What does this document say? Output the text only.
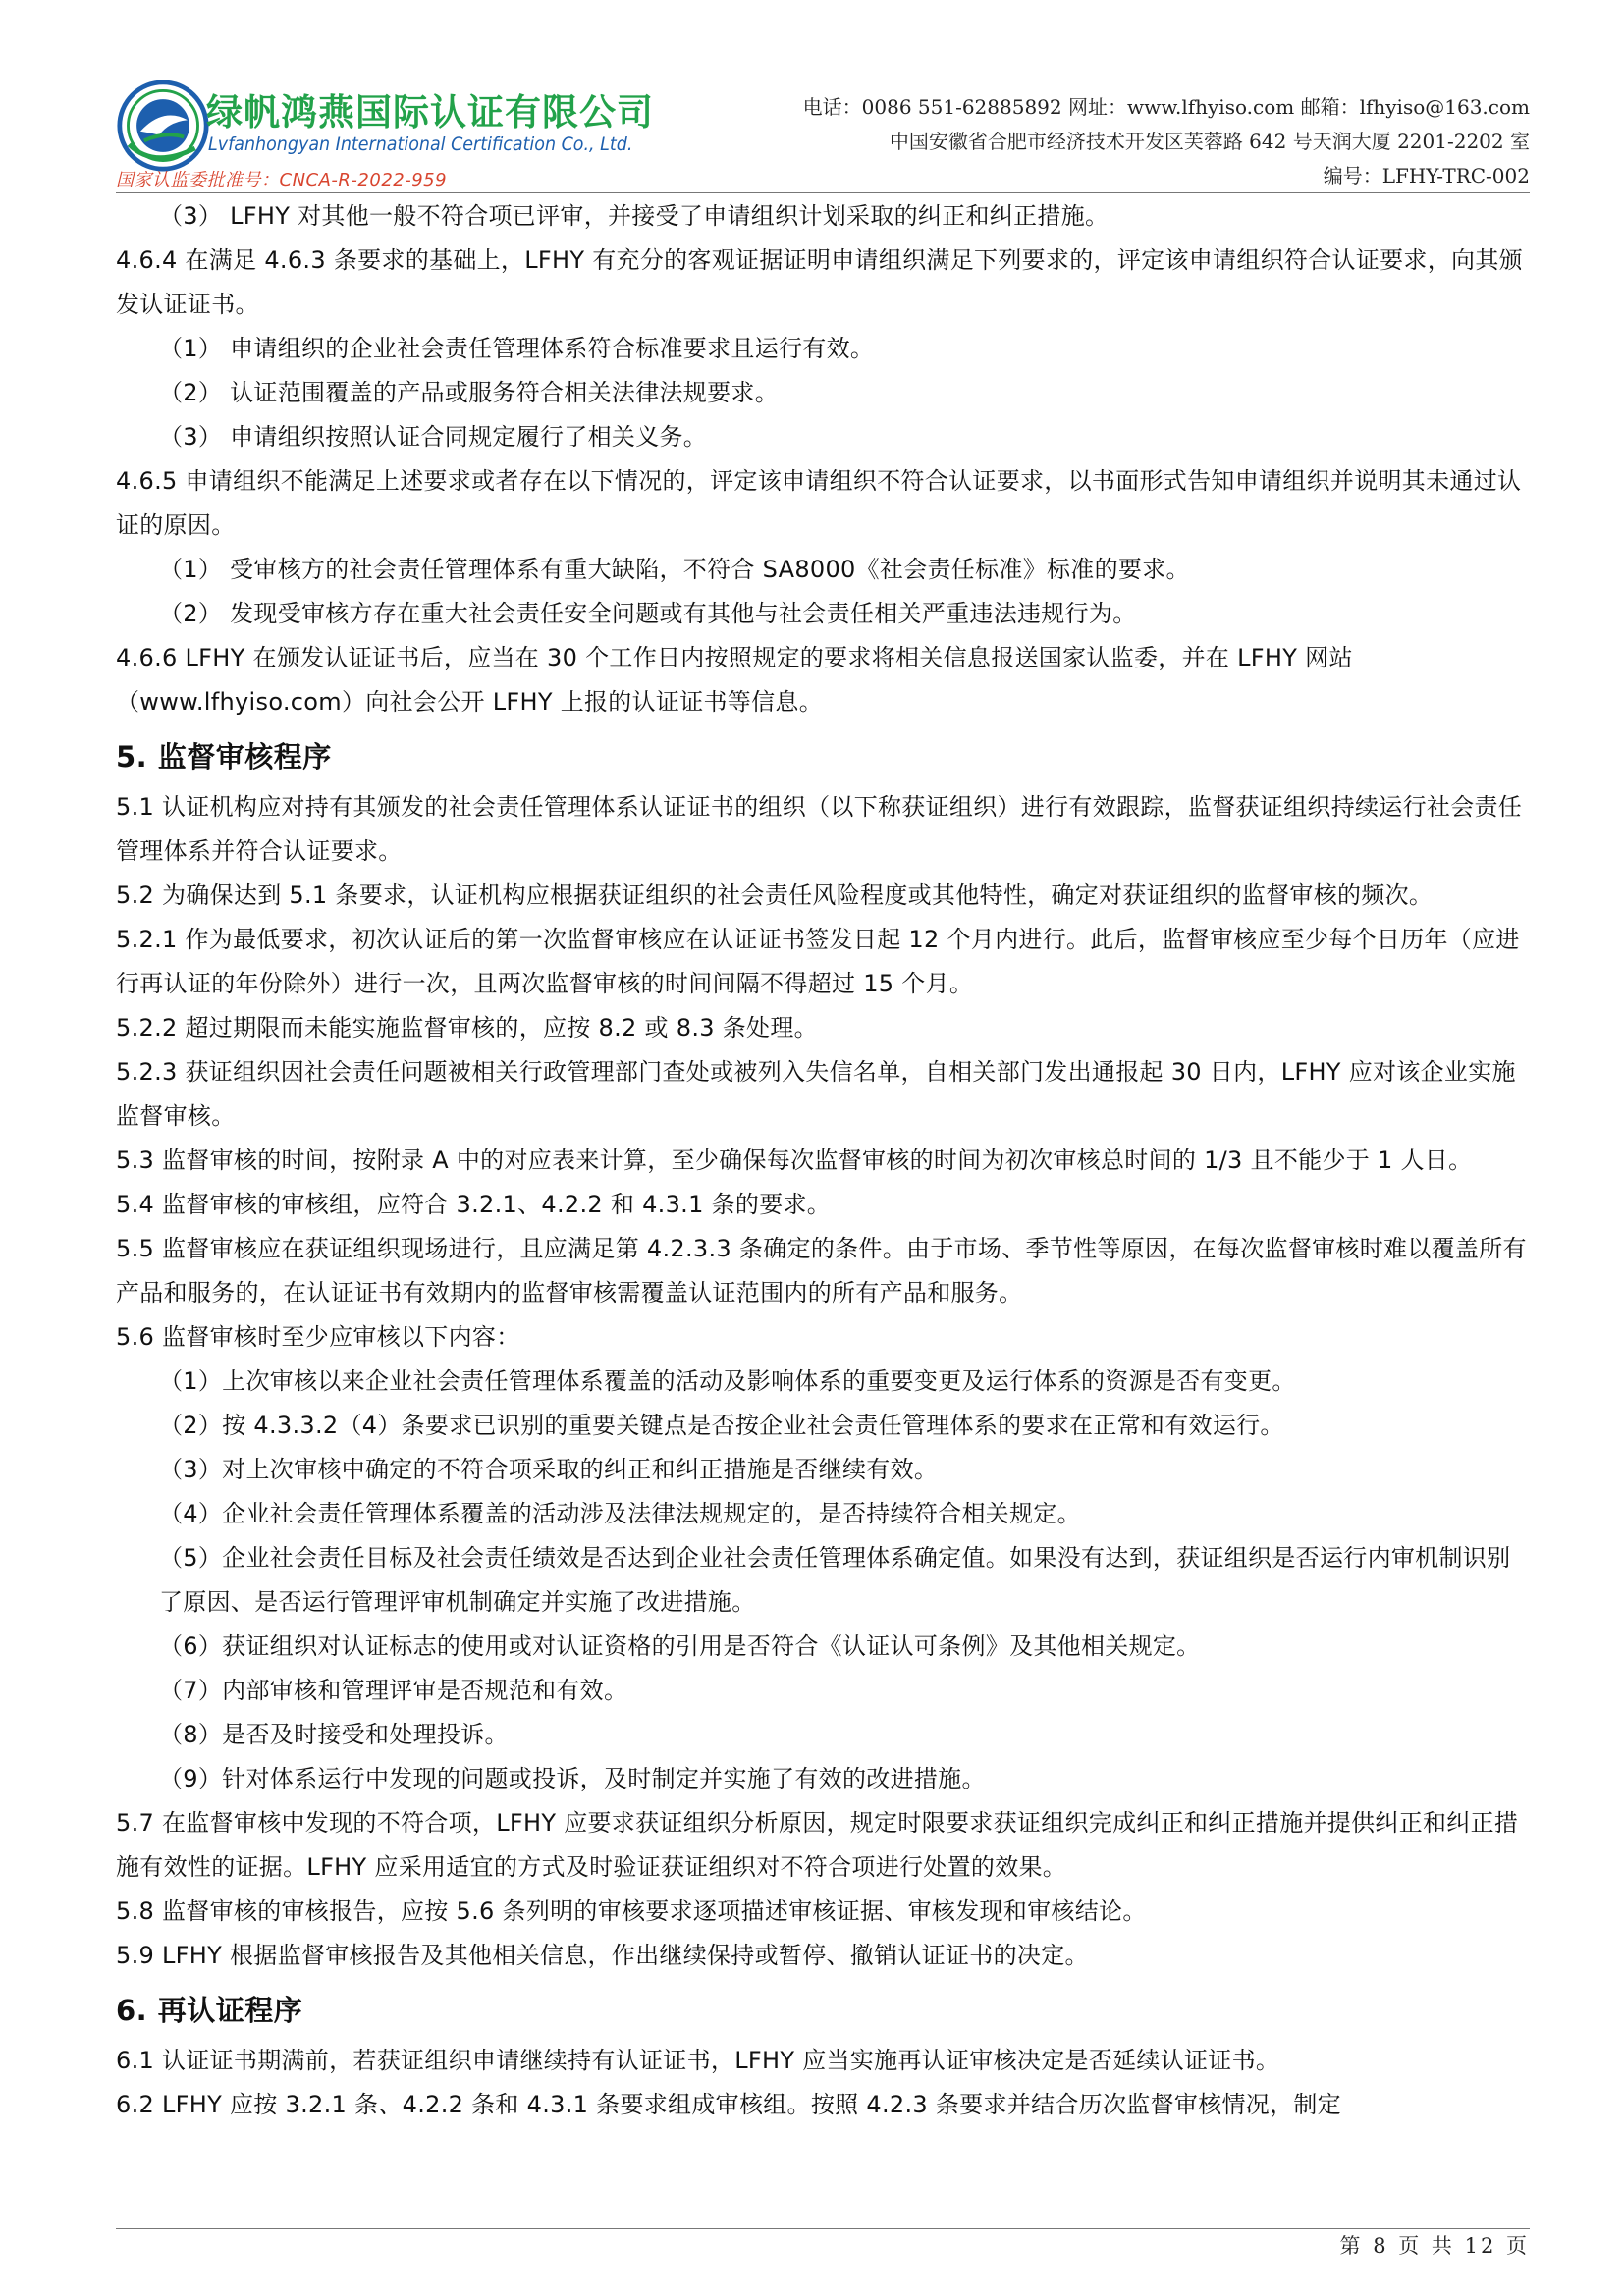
绿帆鸿燕国际认证有限公司
Lvfanhongyan International Certification Co., Ltd.
国家认监委批准号：CNCA-R-2022-959
电话：0086 551-62885892 网址：www.lfhyiso.com 邮箱：lfhyiso@163.com
中国安徽省合肥市经济技术开发区芙蓉路 642 号天润大厦 2201-2202 室
编号：LFHY-TRC-002

（3） LFHY 对其他一般不符合项已评审，并接受了申请组织计划采取的纠正和纠正措施。

4.6.4 在满足 4.6.3 条要求的基础上，LFHY 有充分的客观证据证明申请组织满足下列要求的，评定该申请组织符合认证要求，向其颁发认证证书。

（1） 申请组织的企业社会责任管理体系符合标准要求且运行有效。

（2） 认证范围覆盖的产品或服务符合相关法律法规要求。

（3） 申请组织按照认证合同规定履行了相关义务。

4.6.5 申请组织不能满足上述要求或者存在以下情况的，评定该申请组织不符合认证要求，以书面形式告知申请组织并说明其未通过认证的原因。

（1） 受审核方的社会责任管理体系有重大缺陷，不符合 SA8000《社会责任标准》标准的要求。

（2） 发现受审核方存在重大社会责任安全问题或有其他与社会责任相关严重违法违规行为。

4.6.6 LFHY 在颁发认证证书后，应当在 30 个工作日内按照规定的要求将相关信息报送国家认监委，并在 LFHY 网站（www.lfhyiso.com）向社会公开 LFHY 上报的认证证书等信息。

5. 监督审核程序

5.1 认证机构应对持有其颁发的社会责任管理体系认证证书的组织（以下称获证组织）进行有效跟踪，监督获证组织持续运行社会责任管理体系并符合认证要求。

5.2 为确保达到 5.1 条要求，认证机构应根据获证组织的社会责任风险程度或其他特性，确定对获证组织的监督审核的频次。

5.2.1 作为最低要求，初次认证后的第一次监督审核应在认证证书签发日起 12 个月内进行。此后，监督审核应至少每个日历年（应进行再认证的年份除外）进行一次，且两次监督审核的时间间隔不得超过 15 个月。

5.2.2 超过期限而未能实施监督审核的，应按 8.2 或 8.3 条处理。

5.2.3 获证组织因社会责任问题被相关行政管理部门查处或被列入失信名单，自相关部门发出通报起 30 日内，LFHY 应对该企业实施监督审核。

5.3 监督审核的时间，按附录 A 中的对应表来计算，至少确保每次监督审核的时间为初次审核总时间的 1/3 且不能少于 1 人日。

5.4 监督审核的审核组，应符合 3.2.1、4.2.2 和 4.3.1 条的要求。

5.5 监督审核应在获证组织现场进行，且应满足第 4.2.3.3 条确定的条件。由于市场、季节性等原因，在每次监督审核时难以覆盖所有产品和服务的，在认证证书有效期内的监督审核需覆盖认证范围内的所有产品和服务。

5.6 监督审核时至少应审核以下内容：

（1）上次审核以来企业社会责任管理体系覆盖的活动及影响体系的重要变更及运行体系的资源是否有变更。

（2）按 4.3.3.2（4）条要求已识别的重要关键点是否按企业社会责任管理体系的要求在正常和有效运行。

（3）对上次审核中确定的不符合项采取的纠正和纠正措施是否继续有效。

（4）企业社会责任管理体系覆盖的活动涉及法律法规规定的，是否持续符合相关规定。

（5）企业社会责任目标及社会责任绩效是否达到企业社会责任管理体系确定值。如果没有达到，获证组织是否运行内审机制识别了原因、是否运行管理评审机制确定并实施了改进措施。

（6）获证组织对认证标志的使用或对认证资格的引用是否符合《认证认可条例》及其他相关规定。

（7）内部审核和管理评审是否规范和有效。

（8）是否及时接受和处理投诉。

（9）针对体系运行中发现的问题或投诉，及时制定并实施了有效的改进措施。

5.7 在监督审核中发现的不符合项，LFHY 应要求获证组织分析原因，规定时限要求获证组织完成纠正和纠正措施并提供纠正和纠正措施有效性的证据。LFHY 应采用适宜的方式及时验证获证组织对不符合项进行处置的效果。

5.8 监督审核的审核报告，应按 5.6 条列明的审核要求逐项描述审核证据、审核发现和审核结论。

5.9 LFHY 根据监督审核报告及其他相关信息，作出继续保持或暂停、撤销认证证书的决定。

6. 再认证程序

6.1 认证证书期满前，若获证组织申请继续持有认证证书，LFHY 应当实施再认证审核决定是否延续认证证书。

6.2 LFHY 应按 3.2.1 条、4.2.2 条和 4.3.1 条要求组成审核组。按照 4.2.3 条要求并结合历次监督审核情况，制定

第 8 页 共 12 页
